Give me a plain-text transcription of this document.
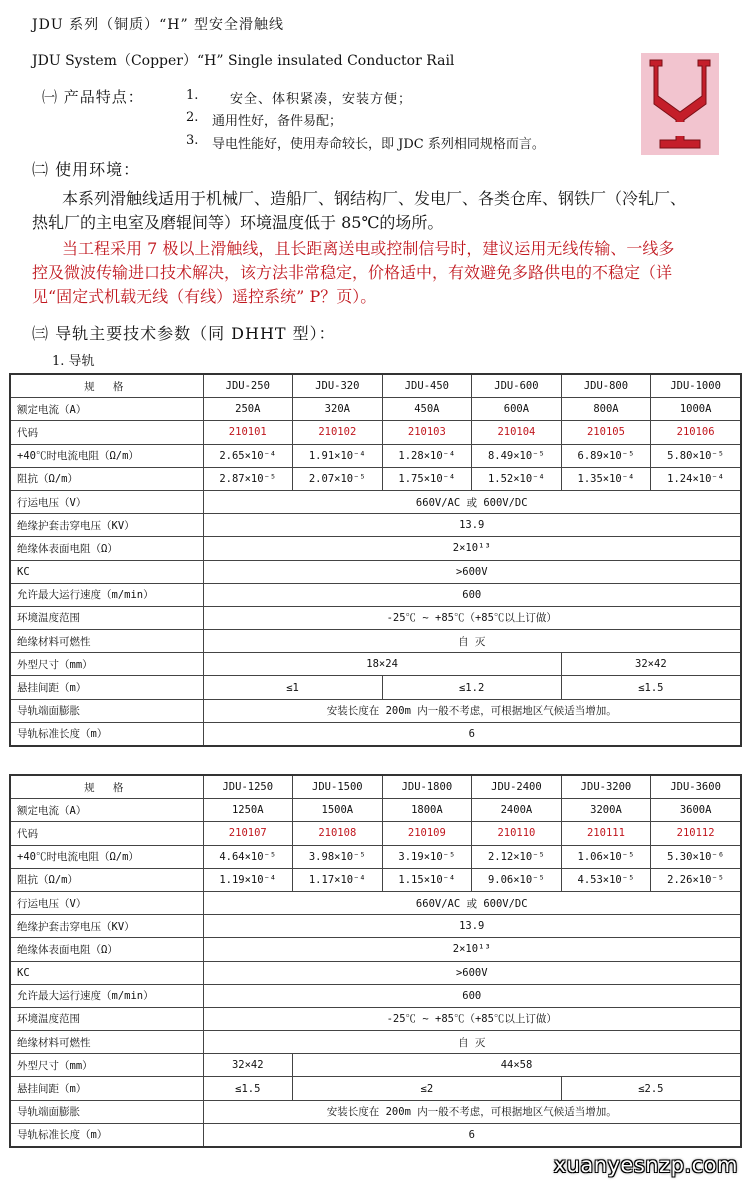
JDU 系列（铜质）“H” 型安全滑触线
JDU System（Copper）“H” Single insulated Conductor Rail
㈠ 产品特点：	1. 安全、体积紧凑，安装方便；
2. 通用性好，备件易配；
3. 导电性能好，使用寿命较长，即 JDC 系列相同规格而言。
㈡ 使用环境：
本系列滑触线适用于机械厂、造船厂、钢结构厂、发电厂、各类仓库、钢铁厂（冷轧厂、
热轧厂的主电室及磨辊间等）环境温度低于 85℃的场所。
当工程采用 7 极以上滑触线，且长距离送电或控制信号时，建议运用无线传输、一线多
控及微波传输进口技术解决，该方法非常稳定，价格适中，有效避免多路供电的不稳定（详
见“固定式机载无线（有线）遥控系统” P？页）。
㈢ 导轨主要技术参数（同 DHHT 型）：
1. 导轨
规 格	JDU-250	JDU-320	JDU-450	JDU-600	JDU-800	JDU-1000
额定电流（A）	250A	320A	450A	600A	800A	1000A
代码	210101	210102	210103	210104	210105	210106
+40℃时电流电阻（Ω/m）	2.65×10⁻⁴	1.91×10⁻⁴	1.28×10⁻⁴	8.49×10⁻⁵	6.89×10⁻⁵	5.80×10⁻⁵
阻抗（Ω/m）	2.87×10⁻⁵	2.07×10⁻⁵	1.75×10⁻⁴	1.52×10⁻⁴	1.35×10⁻⁴	1.24×10⁻⁴
行运电压（V）	660V/AC 或 600V/DC					
绝缘护套击穿电压（KV）	13.9					
绝缘体表面电阻（Ω）	2×10¹³					
KC	>600V					
允许最大运行速度（m/min）	600					
环境温度范围	-25℃ ~ +85℃（+85℃以上订做）					
绝缘材料可燃性	自 灭					
外型尺寸（mm）	18×24				32×42	
悬挂间距（m）	≤1		≤1.2		≤1.5	
导轨端面膨胀	安装长度在 200m 内一般不考虑，可根据地区气候适当增加。					
导轨标准长度（m）	6					
规 格	JDU-1250	JDU-1500	JDU-1800	JDU-2400	JDU-3200	JDU-3600
额定电流（A）	1250A	1500A	1800A	2400A	3200A	3600A
代码	210107	210108	210109	210110	210111	210112
+40℃时电流电阻（Ω/m）	4.64×10⁻⁵	3.98×10⁻⁵	3.19×10⁻⁵	2.12×10⁻⁵	1.06×10⁻⁵	5.30×10⁻⁶
阻抗（Ω/m）	1.19×10⁻⁴	1.17×10⁻⁴	1.15×10⁻⁴	9.06×10⁻⁵	4.53×10⁻⁵	2.26×10⁻⁵
行运电压（V）	660V/AC 或 600V/DC					
绝缘护套击穿电压（KV）	13.9					
绝缘体表面电阻（Ω）	2×10¹³					
KC	>600V					
允许最大运行速度（m/min）	600					
环境温度范围	-25℃ ~ +85℃（+85℃以上订做）					
绝缘材料可燃性	自 灭					
外型尺寸（mm）	32×42	44×58				
悬挂间距（m）	≤1.5	≤2			≤2.5	
导轨端面膨胀	安装长度在 200m 内一般不考虑，可根据地区气候适当增加。					
导轨标准长度（m）	6					
xuanyesnzp.com
